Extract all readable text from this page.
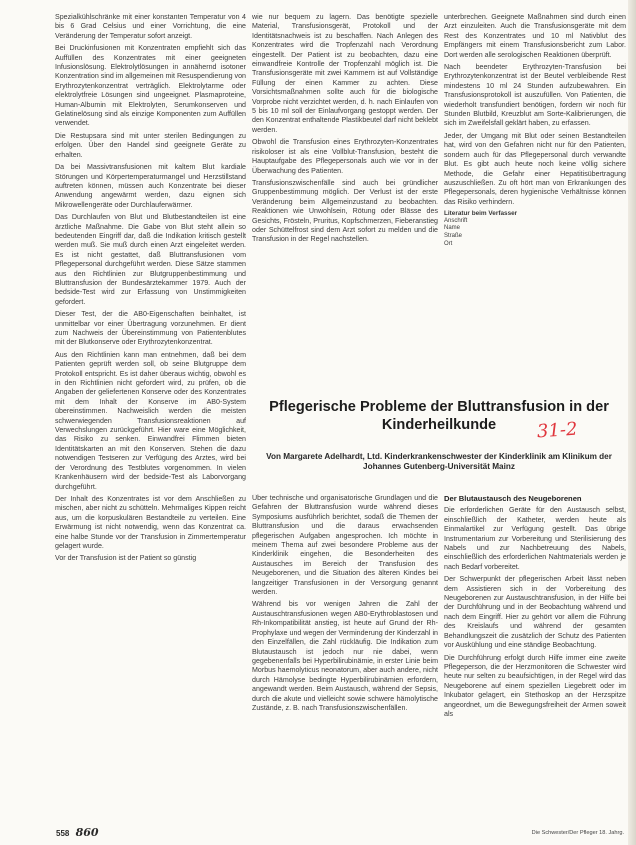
Spezialkühlschränke mit einer konstanten Temperatur von 4 bis 6 Grad Celsius und einer Vorrichtung, die eine Veränderung der Temperatur sofort anzeigt.

Bei Druckinfusionen mit Konzentraten empfiehlt sich das Auffüllen des Konzentrates mit einer geeigneten Infusionslösung. Elektrolytlösungen in annähernd isotoner Konzentration sind im allgemeinen mit Resuspendierung von Erythrozytenkonzentrat verträglich. Elektrolytarme oder elektrolytfreie Lösungen sind ungeeignet. Plasmaproteine, Human-Albumin mit Elektrolyten, Serumkonserven und Gelatinelösung sind als einzige Komponenten zum Auffüllen verwendet.

Die Restupsara sind mit unter sterilen Bedingungen zu erfolgen. Über den Handel sind geeignete Geräte zu erhalten.

Da bei Massivtransfusionen mit kaltem Blut kardiale Störungen und Körpertemperaturmangel und Herzstillstand auftreten können, müssen auch Konzentrate bei dieser Anwendung angewärmt werden, dazu eignen sich Mikrowellengeräte oder Durchlauferwärmer.

Das Durchlaufen von Blut und Blutbestandteilen ist eine ärztliche Maßnahme. Die Gabe von Blut steht allein so bedeutenden Eingriff dar, daß die Indikation kritisch gestellt werden muß. Sie muß durch einen Arzt eingeleitet werden. Es ist nicht gestattet, daß Bluttransfusionen vom Pflegepersonal durchgeführt werden. Diese Sätze stammen aus den Richtlinien zur Blutgruppenbestimmung und Bluttransfusion der Bundesärztekammer 1979. Auch der bedside-Test wird zur Erfassung von Unstimmigkeiten gefordert.

Dieser Test, der die AB0-Eigenschaften beinhaltet, ist unmittelbar vor einer Übertragung vorzunehmen. Er dient zum Nachweis der Übereinstimmung von Patientenblutes mit der Blutkonserve oder Erythrozytenkonzentrat.

Aus den Richtlinien kann man entnehmen, daß bei dem Patienten geprüft werden soll, ob seine Blutgruppe dem Protokoll entspricht. Es ist daher überaus wichtig, obwohl es in den Richtlinien nicht gefordert wird, zu prüfen, ob die Angaben der geliefertenen Konserve oder des Konzentrates mit dem Inhalt der Konserve im AB0-System übereinstimmen. Nachweislich werden die meisten schwerwiegenden Transfusionsreaktionen auf Verwechslungen zurückgeführt. Hier ware eine Möglichkeit, das Risiko zu senken. Einwandfrei Flimmen bieten Identitätskarten an mit den Konserven. Stehen die dazu notwendigen Testseren zur Verfügung des Arztes, wird bei der Verordnung des Testblutes vorgenommen. In vielen Krankenhäusern wird der bedside-Test als Laborvorgang durchgeführt.

Der Inhalt des Konzentrates ist vor dem Anschließen zu mischen, aber nicht zu schütteln. Mehrmaliges Kippen reicht aus, um die korpuskulären Bestandteile zu verteilen. Eine Erwärmung ist nicht notwendig, wenn das Konzentrat ca. eine halbe Stunde vor der Transfusion in Zimmertemperatur gelagert wurde.

Vor der Transfusion ist der Patient so günstig

wie nur bequem zu lagern. Das benötigte spezielle Material, Transfusionsgerät, Protokoll und der Identitätsnachweis ist zu beschaffen. Nach Anlegen des Konzentrates wird die Tropfenzahl nach Verordnung eingestellt. Der Patient ist zu beobachten, dazu eine einwandfreie Kontrolle der Tropfenzahl möglich ist. Die Transfusionsgeräte mit zwei Kammern ist auf Vollständige Füllung der einen Kammer zu achten. Diese Vorsichtsmaßnahmen sollte auch für die biologische Vorprobe nicht verzichtet werden, d. h. nach Einlaufen von 5 bis 10 ml soll der Einlaufvorgang gestoppt werden. Der den Konzentrat enthaltende Plastikbeutel darf nicht beklebt werden.

Obwohl die Transfusion eines Erythrozyten-Konzentrates risikoloser ist als eine Vollblut-Transfusion, besteht die Hauptaufgabe des Pflegepersonals auch wie vor in der Überwachung des Patienten.

Transfusionszwischenfälle sind auch bei gründlicher Gruppenbestimmung möglich. Der Verlust ist der erste Veränderung beim Allgemeinzustand zu beobachten. Reaktionen wie Unwohlsein, Rötung oder Blässe des Gesichts, Frösteln, Pruritus, Kopfschmerzen, Fieberanstieg oder Schüttelfrost sind dem Arzt sofort zu melden und die Transfusion in der Regel nachstellen.

unterbrechen. Geeignete Maßnahmen sind durch einen Arzt einzuleiten. Auch die Transfusionsgeräte mit dem Rest des Konzentrates und 10 ml Nativblut des Empfängers mit einem Transfusionsbericht zum Labor. Dort werden alle serologischen Reaktionen überprüft.

Nach beendeter Erythrozyten-Transfusion bei Erythrozytenkonzentrat ist der Beutel verbleibende Rest mindestens 10 ml 24 Stunden aufzubewahren. Ein Transfusionsprotokoll ist auszufüllen. Von Patienten, die wiederholt transfundiert benötigen, fordern wir noch für Stunden Blutbild, Kreuzblut am Sorte-Kalibrierungen, die sich im Zweifelsfall geklärt haben, zu erfassen.

Jeder, der Umgang mit Blut oder seinen Bestandteilen hat, wird von den Gefahren nicht nur für den Patienten, sondern auch für das Pflegepersonal durch verwandte Blut. Es gibt auch heute noch keine völlig sichere Methode, die Gefahr einer Hepatitisübertragung auszuschließen. Zu oft hört man von Erkrankungen des Pflegepersonals, deren hygienische Verhältnisse können das Risiko verhindern.

Literatur beim Verfasser
Anschrift
Name
Straße
Ort
Pflegerische Probleme der Bluttransfusion in der Kinderheilkunde	31-2
Von Margarete Adelhardt, Ltd. Kinderkrankenschwester der Kinderklinik am Klinikum der Johannes Gutenberg-Universität Mainz

Über technische und organisatorische Grundlagen und die Gefahren der Bluttransfusion wurde während dieses Symposiums ausführlich berichtet, sodaß die Themen der Bluttransfusion und die daraus erwachsenden pflegerischen Aufgaben angesprochen. Ich möchte in meinem Thema auf zwei besondere Probleme aus der Kinderklinik eingehen, die Besonderheiten des Austausches im Bereich der Transfusion des Neugeborenen, und die Situation des älteren Kindes bei langzeitiger Transfusionen in der Versorgung genannt werden.

Während bis vor wenigen Jahren die Zahl der Austauschtransfusionen wegen AB0-Erythroblastosen und Rh-Inkompatibilität anstieg, ist heute auf Grund der Rh-Prophylaxe und wegen der Verminderung der Kinderzahl in den Einzelfällen, die Zahl rückläufig. Die Indikation zum Blutaustausch ist jedoch nur nie dabei, wenn gegebenenfalls bei Hyperbilirubinämie, in erster Linie beim Morbus haemolyticus neonatorum, aber auch andere, nicht durch Hämolyse bedingte Hyperbilirubinämien erfordern, angewandt werden. Beim Austausch, während der Sepsis, durch die akute und vielleicht sowie schwere hämolytische Zustände, z. B. nach Transfusionszwischenfällen.

Der Blutaustausch des Neugeborenen

Die erforderlichen Geräte für den Austausch selbst, einschließlich der Katheter, werden heute als Einmalartikel zur Verfügung gestellt. Das übrige Instrumentarium zur Vorbereitung und Sterilisierung des Nabels und zur Nachbetreuung des Nabels, einschließlich des erforderlichen Nahtmaterials werden je nach Bedarf vorbereitet.

Der Schwerpunkt der pflegerischen Arbeit lässt neben dem Assistieren sich in der Vorbereitung des Neugeborenen zur Austauschtransfusion, in der Hilfe bei der Durchführung und in der Beobachtung während und nach dem Eingriff. Hier zu gehört vor allem die Führung des Kreislaufs und während der gesamten Behandlungszeit die zusätzlich der Schutz des Patienten vor Auskühlung und eine ständige Beobachtung.

Die Durchführung erfolgt durch Hilfe immer eine zweite Pflegeperson, die der Herzmonitoren die Schwester wird heute nur selten zu beaufsichtigen, in der Regel wird das Neugeborene auf einem speziellen Liegebrett oder im Inkubator gelagert, ein Stethoskop an der Herzspitze angeordnet, um die Bewegungsfreiheit der Armen soweit als

558 860	Die Schwester/Der Pfleger 18. Jahrg.
